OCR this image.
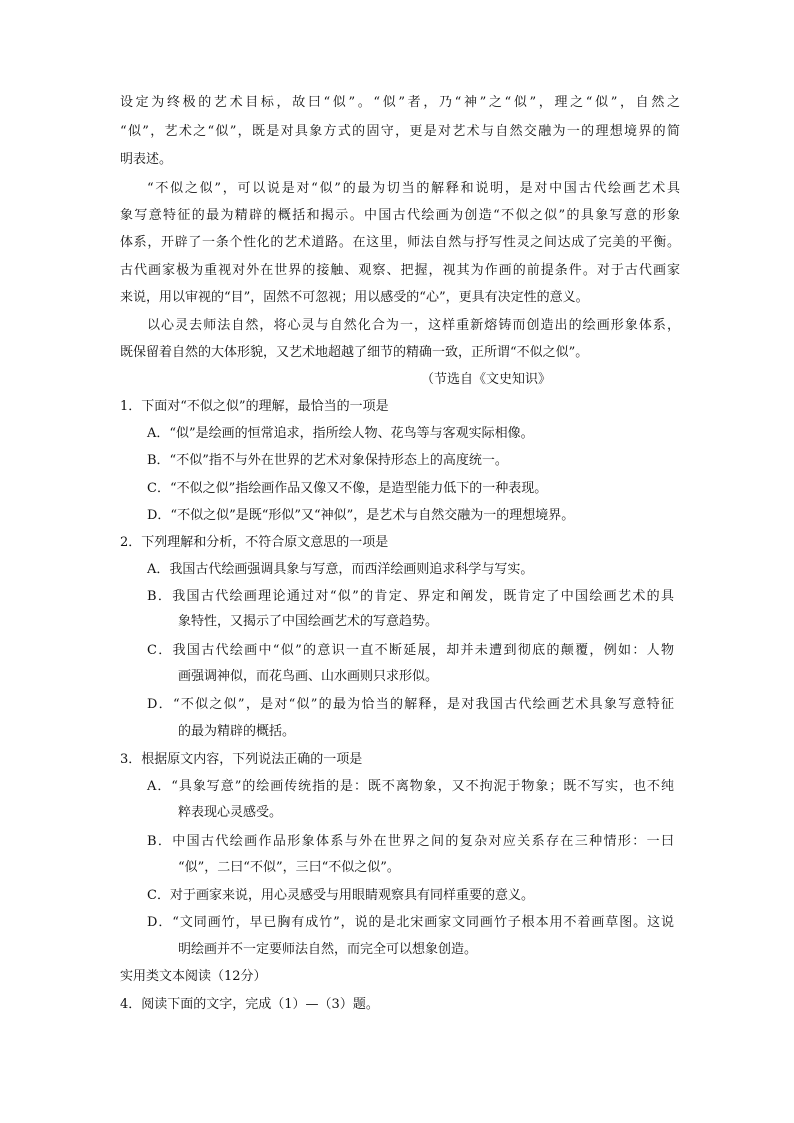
设定为终极的艺术目标，故曰“似”。“似”者，乃“神”之“似”，理之“似”，自然之
“似”，艺术之“似”，既是对具象方式的固守，更是对艺术与自然交融为一的理想境界的简
明表述。
“不似之似”，可以说是对“似”的最为切当的解释和说明，是对中国古代绘画艺术具
象写意特征的最为精辟的概括和揭示。中国古代绘画为创造“不似之似”的具象写意的形象
体系，开辟了一条个性化的艺术道路。在这里，师法自然与抒写性灵之间达成了完美的平衡。
古代画家极为重视对外在世界的接触、观察、把握，视其为作画的前提条件。对于古代画家
来说，用以审视的“目”，固然不可忽视；用以感受的“心”，更具有决定性的意义。
以心灵去师法自然，将心灵与自然化合为一，这样重新熔铸而创造出的绘画形象体系，
既保留着自然的大体形貌，又艺术地超越了细节的精确一致，正所谓“不似之似”。
（节选自《文史知识》
1．下面对“不似之似”的理解，最恰当的一项是
A．“似”是绘画的恒常追求，指所绘人物、花鸟等与客观实际相像。
B．“不似”指不与外在世界的艺术对象保持形态上的高度统一。
C．“不似之似”指绘画作品又像又不像，是造型能力低下的一种表现。
D．“不似之似”是既“形似”又“神似”，是艺术与自然交融为一的理想境界。
2．下列理解和分析，不符合原文意思的一项是
A．我国古代绘画强调具象与写意，而西洋绘画则追求科学与写实。
B．我国古代绘画理论通过对“似”的肯定、界定和阐发，既肯定了中国绘画艺术的具
象特性，又揭示了中国绘画艺术的写意趋势。
C．我国古代绘画中“似”的意识一直不断延展，却并未遭到彻底的颠覆，例如：人物
画强调神似，而花鸟画、山水画则只求形似。
D．“不似之似”，是对“似”的最为恰当的解释，是对我国古代绘画艺术具象写意特征
的最为精辟的概括。
3．根据原文内容，下列说法正确的一项是
A．“具象写意”的绘画传统指的是：既不离物象，又不拘泥于物象；既不写实，也不纯
粹表现心灵感受。
B．中国古代绘画作品形象体系与外在世界之间的复杂对应关系存在三种情形：一曰
“似”，二曰“不似”，三曰“不似之似”。
C．对于画家来说，用心灵感受与用眼睛观察具有同样重要的意义。
D．“文同画竹，早已胸有成竹”，说的是北宋画家文同画竹子根本用不着画草图。这说
明绘画并不一定要师法自然，而完全可以想象创造。
实用类文本阅读（12分）
4．阅读下面的文字，完成（1）—（3）题。
